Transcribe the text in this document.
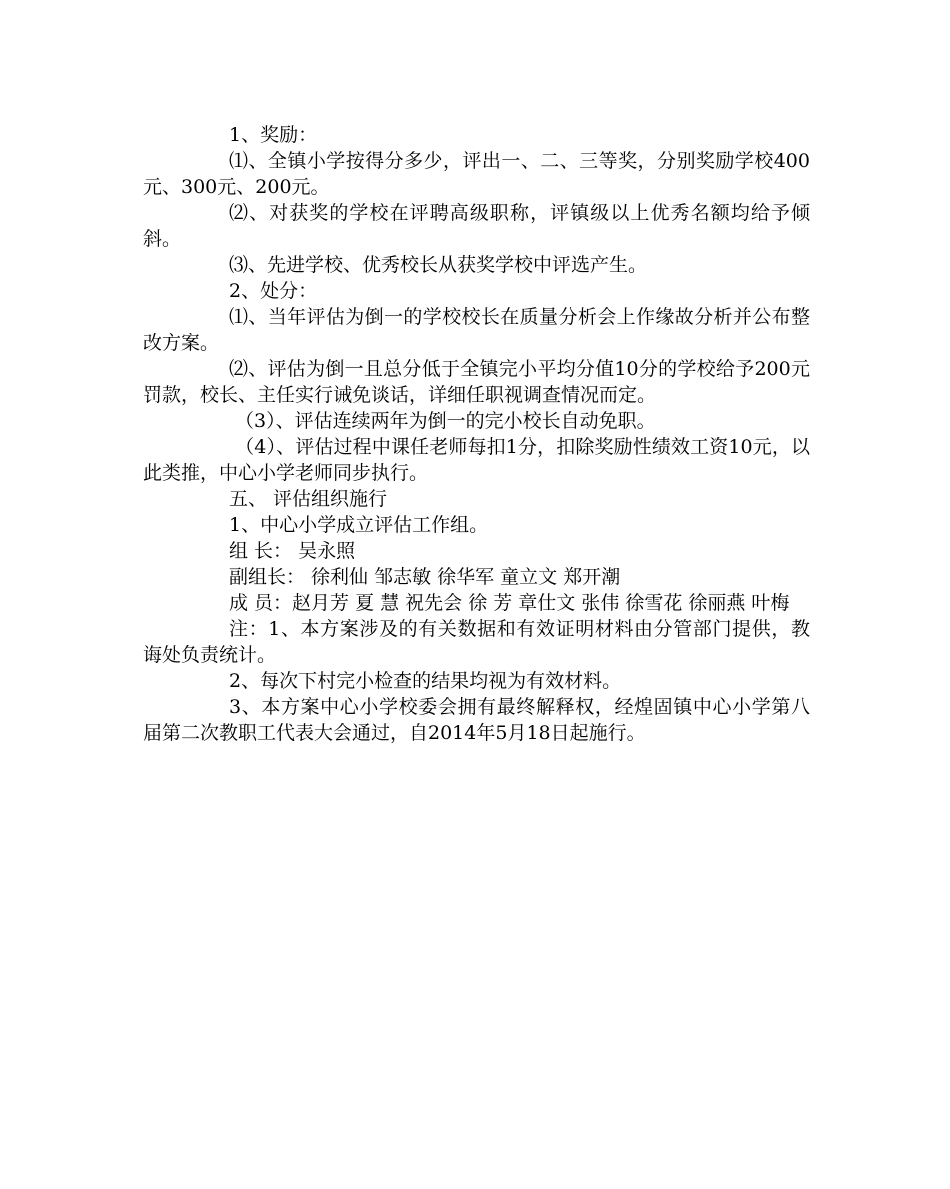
1、奖励：

⑴、全镇小学按得分多少，评出一、二、三等奖，分别奖励学校400元、300元、200元。

⑵、对获奖的学校在评聘高级职称，评镇级以上优秀名额均给予倾斜。

⑶、先进学校、优秀校长从获奖学校中评选产生。

2、处分：

⑴、当年评估为倒一的学校校长在质量分析会上作缘故分析并公布整改方案。

⑵、评估为倒一且总分低于全镇完小平均分值10分的学校给予200元罚款，校长、主任实行诫免谈话，详细任职视调查情况而定。

（3）、评估连续两年为倒一的完小校长自动免职。

（4）、评估过程中课任老师每扣1分，扣除奖励性绩效工资10元，以此类推，中心小学老师同步执行。

五、 评估组织施行

1、中心小学成立评估工作组。

组 长： 吴永照

副组长： 徐利仙 邹志敏 徐华军 童立文 郑开潮

成 员：赵月芳 夏 慧 祝先会 徐 芳 章仕文 张伟 徐雪花 徐丽燕 叶梅

注：1、本方案涉及的有关数据和有效证明材料由分管部门提供，教诲处负责统计。

2、每次下村完小检查的结果均视为有效材料。

3、本方案中心小学校委会拥有最终解释权，经煌固镇中心小学第八届第二次教职工代表大会通过，自2014年5月18日起施行。
